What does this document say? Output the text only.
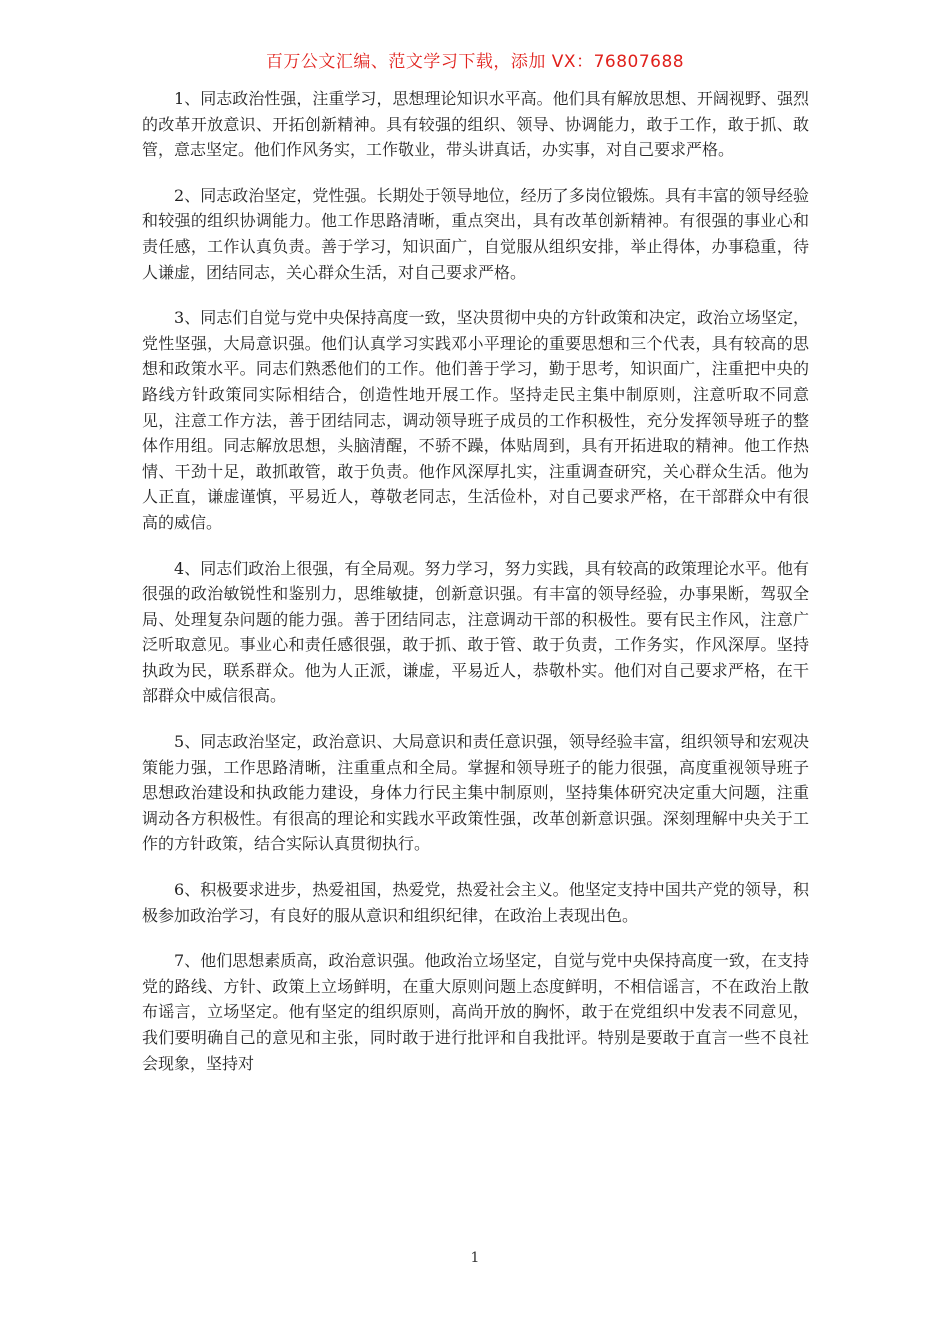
百万公文汇编、范文学习下载，添加 VX：76807688

1、同志政治性强，注重学习，思想理论知识水平高。他们具有解放思想、开阔视野、强烈的改革开放意识、开拓创新精神。具有较强的组织、领导、协调能力，敢于工作，敢于抓、敢管，意志坚定。他们作风务实，工作敬业，带头讲真话，办实事，对自己要求严格。

2、同志政治坚定，党性强。长期处于领导地位，经历了多岗位锻炼。具有丰富的领导经验和较强的组织协调能力。他工作思路清晰，重点突出，具有改革创新精神。有很强的事业心和责任感，工作认真负责。善于学习，知识面广，自觉服从组织安排，举止得体，办事稳重，待人谦虚，团结同志，关心群众生活，对自己要求严格。

3、同志们自觉与党中央保持高度一致，坚决贯彻中央的方针政策和决定，政治立场坚定，党性坚强，大局意识强。他们认真学习实践邓小平理论的重要思想和三个代表，具有较高的思想和政策水平。同志们熟悉他们的工作。他们善于学习，勤于思考，知识面广，注重把中央的路线方针政策同实际相结合，创造性地开展工作。坚持走民主集中制原则，注意听取不同意见，注意工作方法，善于团结同志，调动领导班子成员的工作积极性，充分发挥领导班子的整体作用组。同志解放思想，头脑清醒，不骄不躁，体贴周到，具有开拓进取的精神。他工作热情、干劲十足，敢抓敢管，敢于负责。他作风深厚扎实，注重调查研究，关心群众生活。他为人正直，谦虚谨慎，平易近人，尊敬老同志，生活俭朴，对自己要求严格，在干部群众中有很高的威信。

4、同志们政治上很强，有全局观。努力学习，努力实践，具有较高的政策理论水平。他有很强的政治敏锐性和鉴别力，思维敏捷，创新意识强。有丰富的领导经验，办事果断，驾驭全局、处理复杂问题的能力强。善于团结同志，注意调动干部的积极性。要有民主作风，注意广泛听取意见。事业心和责任感很强，敢于抓、敢于管、敢于负责，工作务实，作风深厚。坚持执政为民，联系群众。他为人正派，谦虚，平易近人，恭敬朴实。他们对自己要求严格，在干部群众中威信很高。

5、同志政治坚定，政治意识、大局意识和责任意识强，领导经验丰富，组织领导和宏观决策能力强，工作思路清晰，注重重点和全局。掌握和领导班子的能力很强，高度重视领导班子思想政治建设和执政能力建设，身体力行民主集中制原则，坚持集体研究决定重大问题，注重调动各方积极性。有很高的理论和实践水平政策性强，改革创新意识强。深刻理解中央关于工作的方针政策，结合实际认真贯彻执行。

6、积极要求进步，热爱祖国，热爱党，热爱社会主义。他坚定支持中国共产党的领导，积极参加政治学习，有良好的服从意识和组织纪律，在政治上表现出色。

7、他们思想素质高，政治意识强。他政治立场坚定，自觉与党中央保持高度一致，在支持党的路线、方针、政策上立场鲜明，在重大原则问题上态度鲜明，不相信谣言，不在政治上散布谣言，立场坚定。他有坚定的组织原则，高尚开放的胸怀，敢于在党组织中发表不同意见，我们要明确自己的意见和主张，同时敢于进行批评和自我批评。特别是要敢于直言一些不良社会现象，坚持对

1
